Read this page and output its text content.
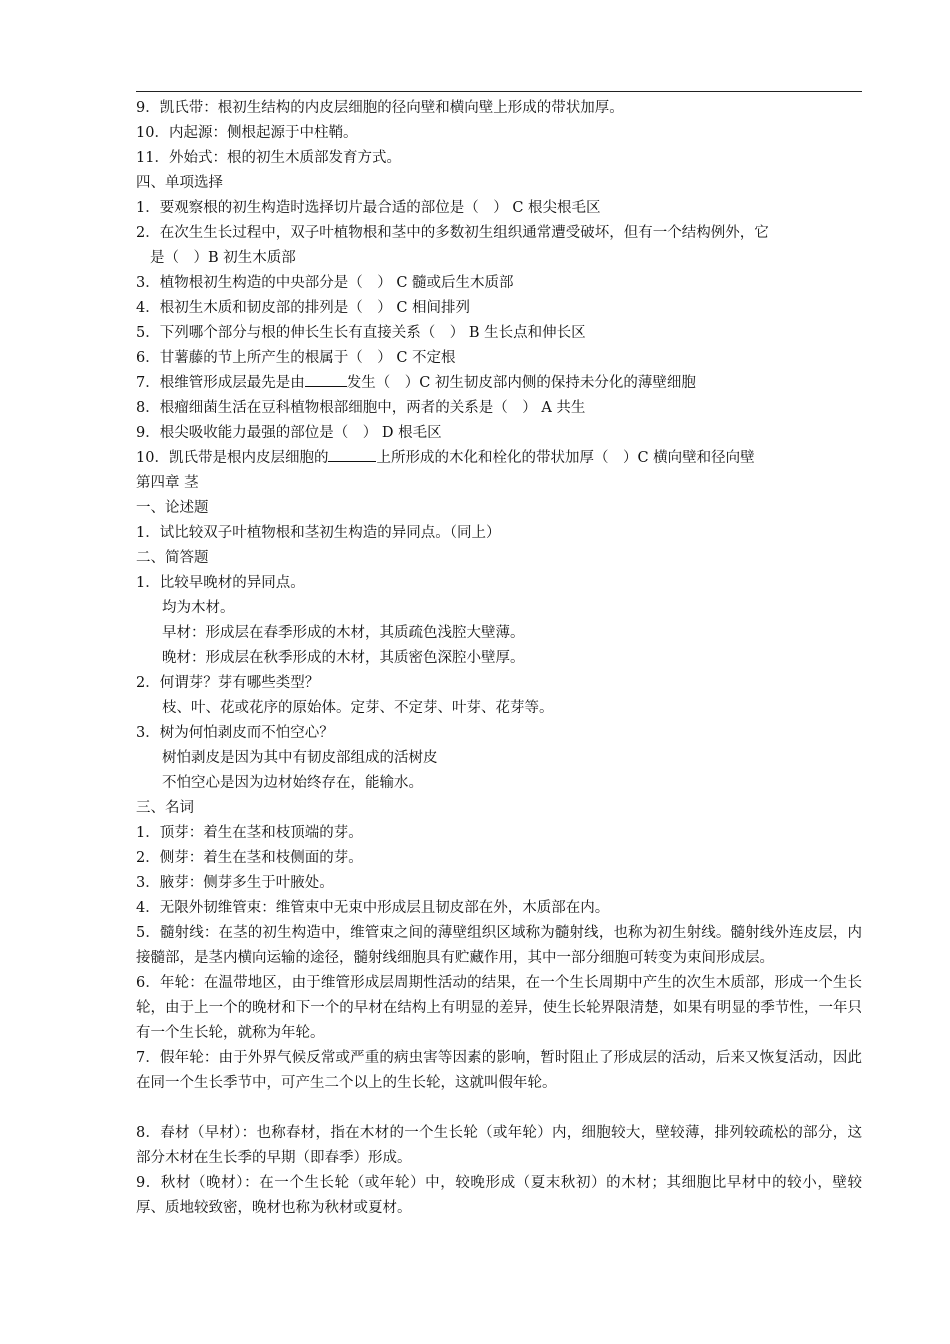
9．凯氏带：根初生结构的内皮层细胞的径向壁和横向壁上形成的带状加厚。
10．内起源：侧根起源于中柱鞘。
11．外始式：根的初生木质部发育方式。
四、单项选择
1．要观察根的初生构造时选择切片最合适的部位是（　） C 根尖根毛区
2．在次生生长过程中，双子叶植物根和茎中的多数初生组织通常遭受破坏，但有一个结构例外，它
是（　）B 初生木质部
3．植物根初生构造的中央部分是（　） C 髓或后生木质部
4．根初生木质和韧皮部的排列是（　） C 相间排列
5．下列哪个部分与根的伸长生长有直接关系（　） B 生长点和伸长区
6．甘薯藤的节上所产生的根属于（　） C 不定根
7．根维管形成层最先是由	发生（　）C 初生韧皮部内侧的保持未分化的薄壁细胞
8．根瘤细菌生活在豆科植物根部细胞中，两者的关系是（　） A 共生
9．根尖吸收能力最强的部位是（　） D 根毛区
10．凯氏带是根内皮层细胞的	上所形成的木化和栓化的带状加厚（　）C 横向壁和径向壁
第四章 茎
一、论述题
1．试比较双子叶植物根和茎初生构造的异同点。（同上）
二、简答题
1．比较早晚材的异同点。
均为木材。
早材：形成层在春季形成的木材，其质疏色浅腔大壁薄。
晚材：形成层在秋季形成的木材，其质密色深腔小壁厚。
2．何谓芽？芽有哪些类型？
枝、叶、花或花序的原始体。定芽、不定芽、叶芽、花芽等。
3．树为何怕剥皮而不怕空心？
树怕剥皮是因为其中有韧皮部组成的活树皮
不怕空心是因为边材始终存在，能输水。
三、名词
1．顶芽：着生在茎和枝顶端的芽。
2．侧芽：着生在茎和枝侧面的芽。
3．腋芽：侧芽多生于叶腋处。
4．无限外韧维管束：维管束中无束中形成层且韧皮部在外，木质部在内。
5．髓射线：在茎的初生构造中，维管束之间的薄壁组织区域称为髓射线，也称为初生射线。髓射线外连皮层，内接髓部，是茎内横向运输的途径，髓射线细胞具有贮藏作用，其中一部分细胞可转变为束间形成层。
6．年轮：在温带地区，由于维管形成层周期性活动的结果，在一个生长周期中产生的次生木质部，形成一个生长轮，由于上一个的晚材和下一个的早材在结构上有明显的差异，使生长轮界限清楚，如果有明显的季节性，一年只有一个生长轮，就称为年轮。
7．假年轮：由于外界气候反常或严重的病虫害等因素的影响，暂时阻止了形成层的活动，后来又恢复活动，因此在同一个生长季节中，可产生二个以上的生长轮，这就叫假年轮。
8．春材（早材）：也称春材，指在木材的一个生长轮（或年轮）内，细胞较大，壁较薄，排列较疏松的部分，这部分木材在生长季的早期（即春季）形成。
9．秋材（晚材）：在一个生长轮（或年轮）中，较晚形成（夏末秋初）的木材；其细胞比早材中的较小，壁较厚、质地较致密，晚材也称为秋材或夏材。
